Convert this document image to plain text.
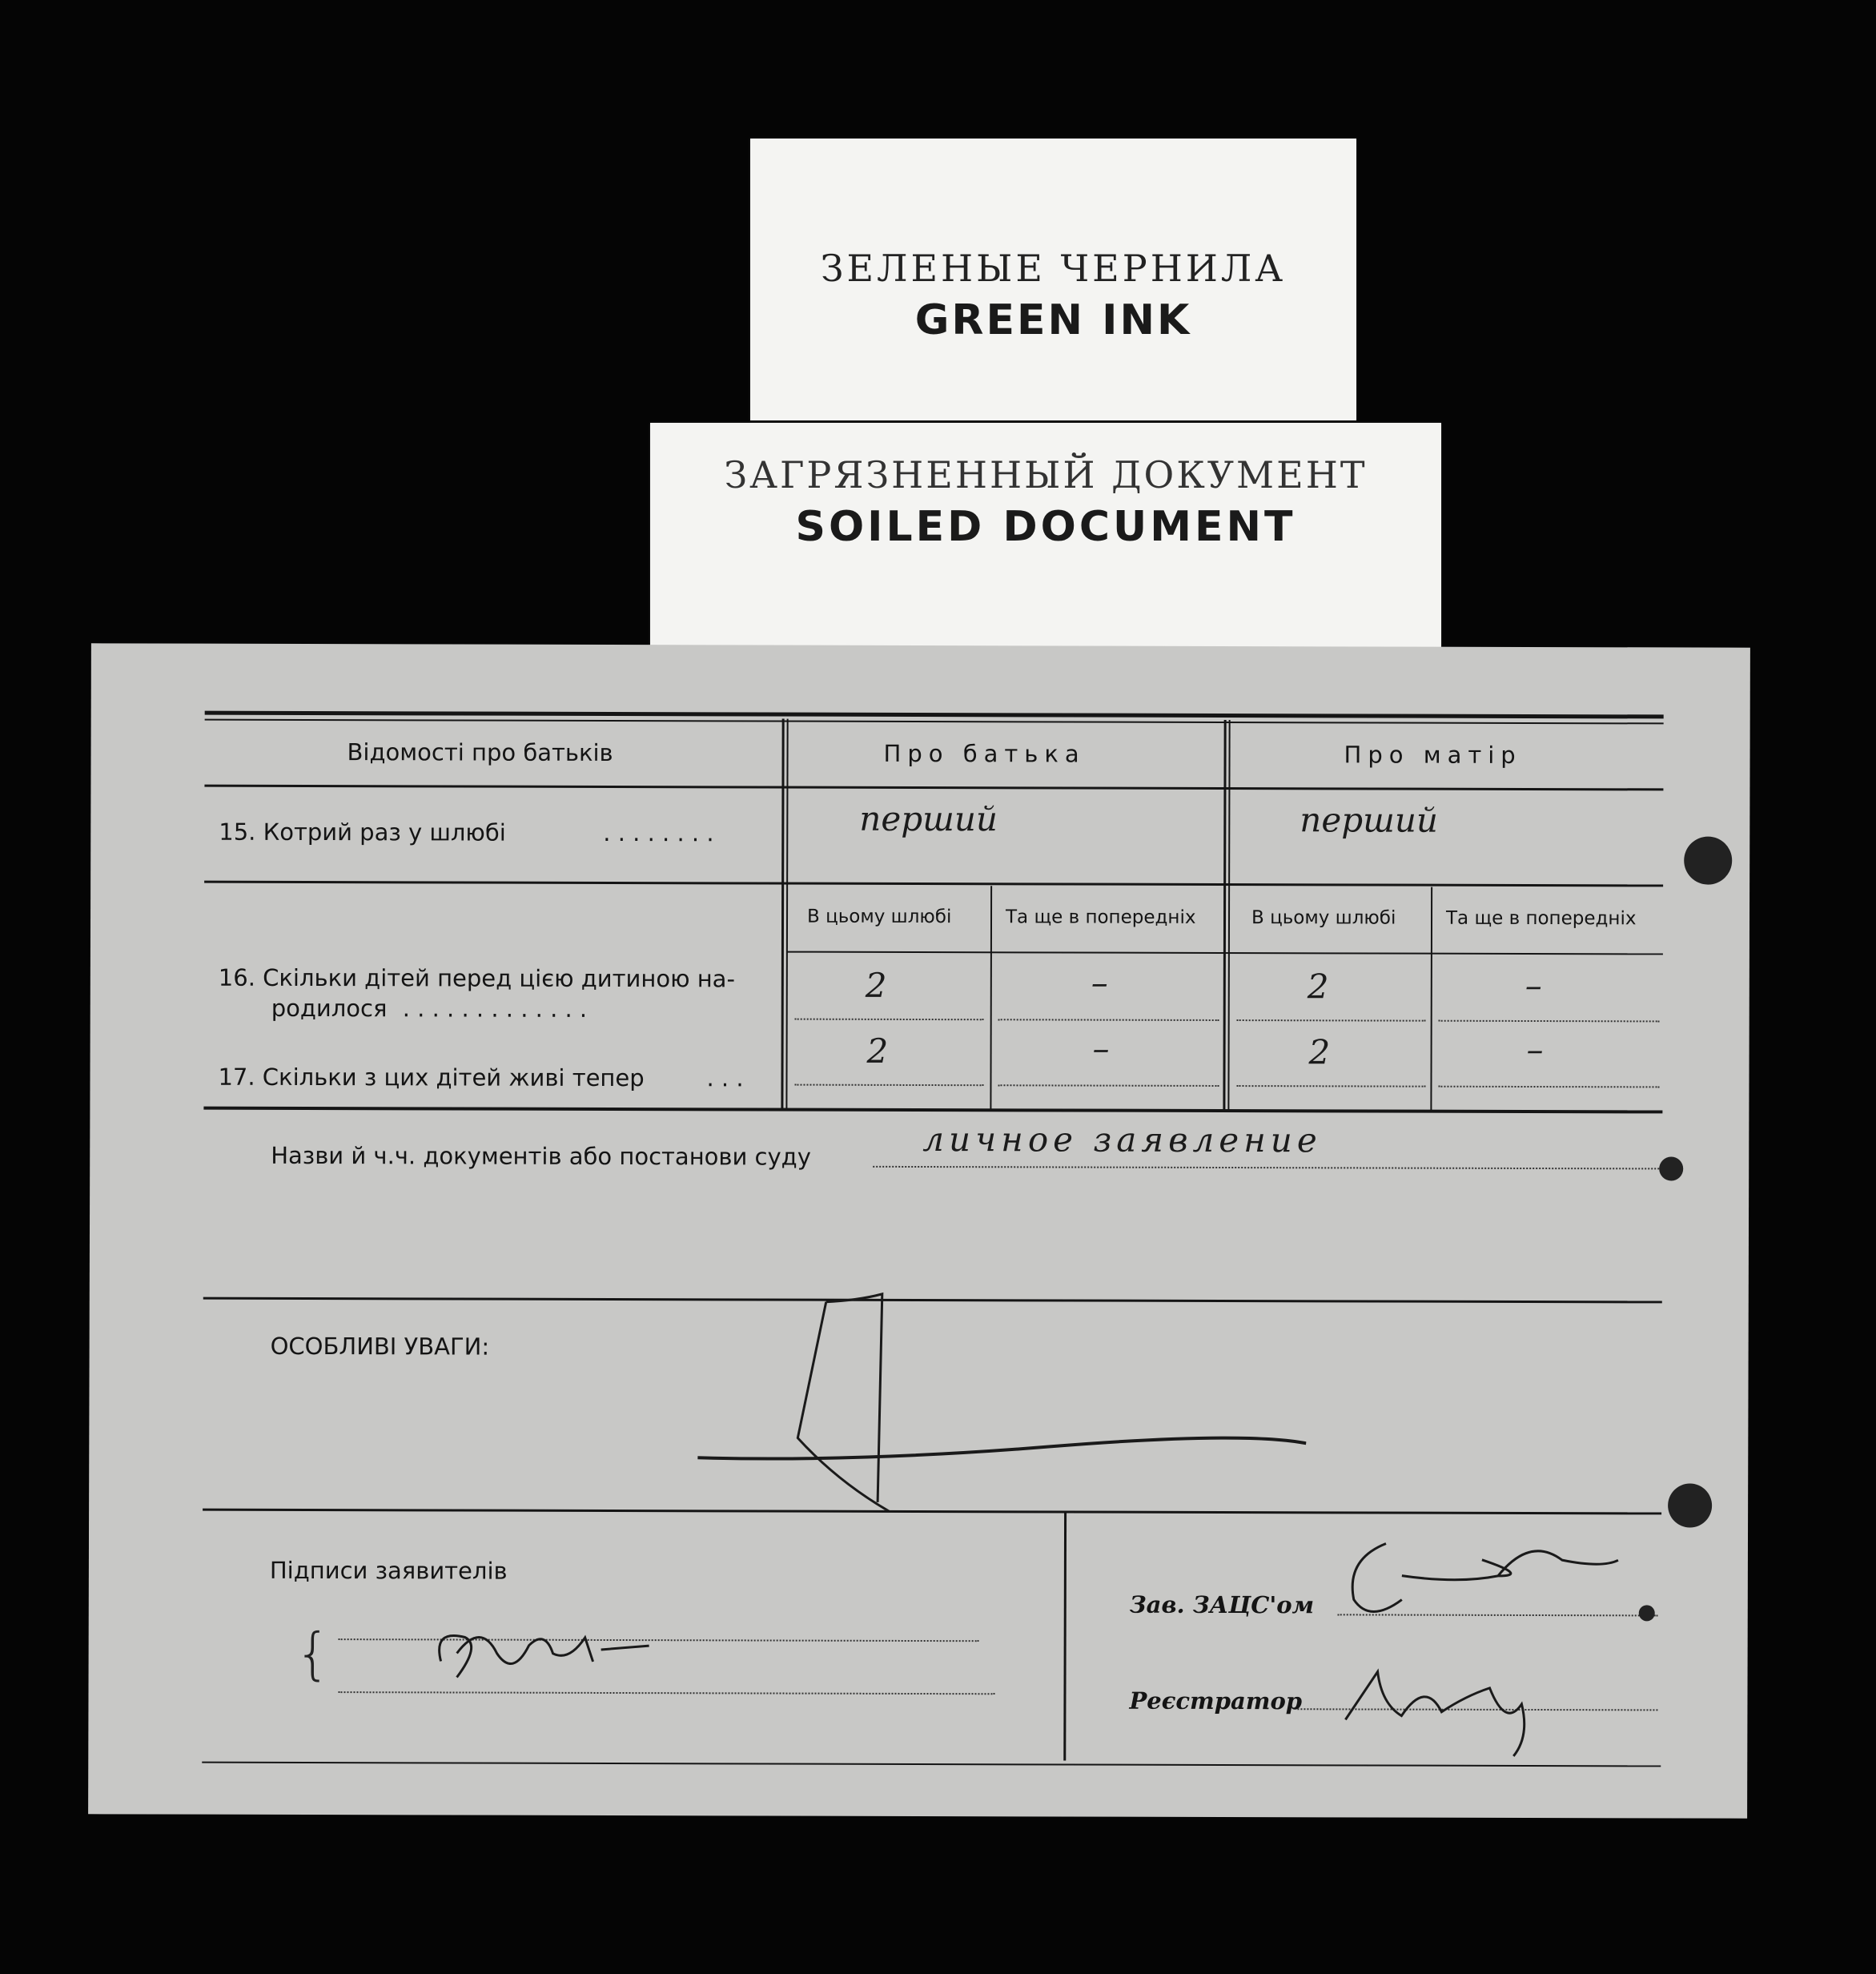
ЗЕЛЕНЫЕ ЧЕРНИЛА
GREEN INK
ЗАГРЯЗНЕННЫЙ ДОКУМЕНТ
SOILED DOCUMENT
Відомості про батьків	Про батька	Про матір
15. Котрий раз у шлюбі	. . . . . . . .	перший	перший
В цьому шлюбі	Та ще в попередніх	В цьому шлюбі	Та ще в попередніх
16. Скільки дітей перед цією дитиною на-
родилося . . . . . . . . . . . . .
2	–	2	–
17. Скільки з цих дітей живі тепер	. . .
2	–	2	–
Назви й ч.ч. документів або постанови суду	личное заявление
ОСОБЛИВІ УВАГИ:
Підписи заявителів
{
Зав. ЗАЦС'ом
Реєстратор
